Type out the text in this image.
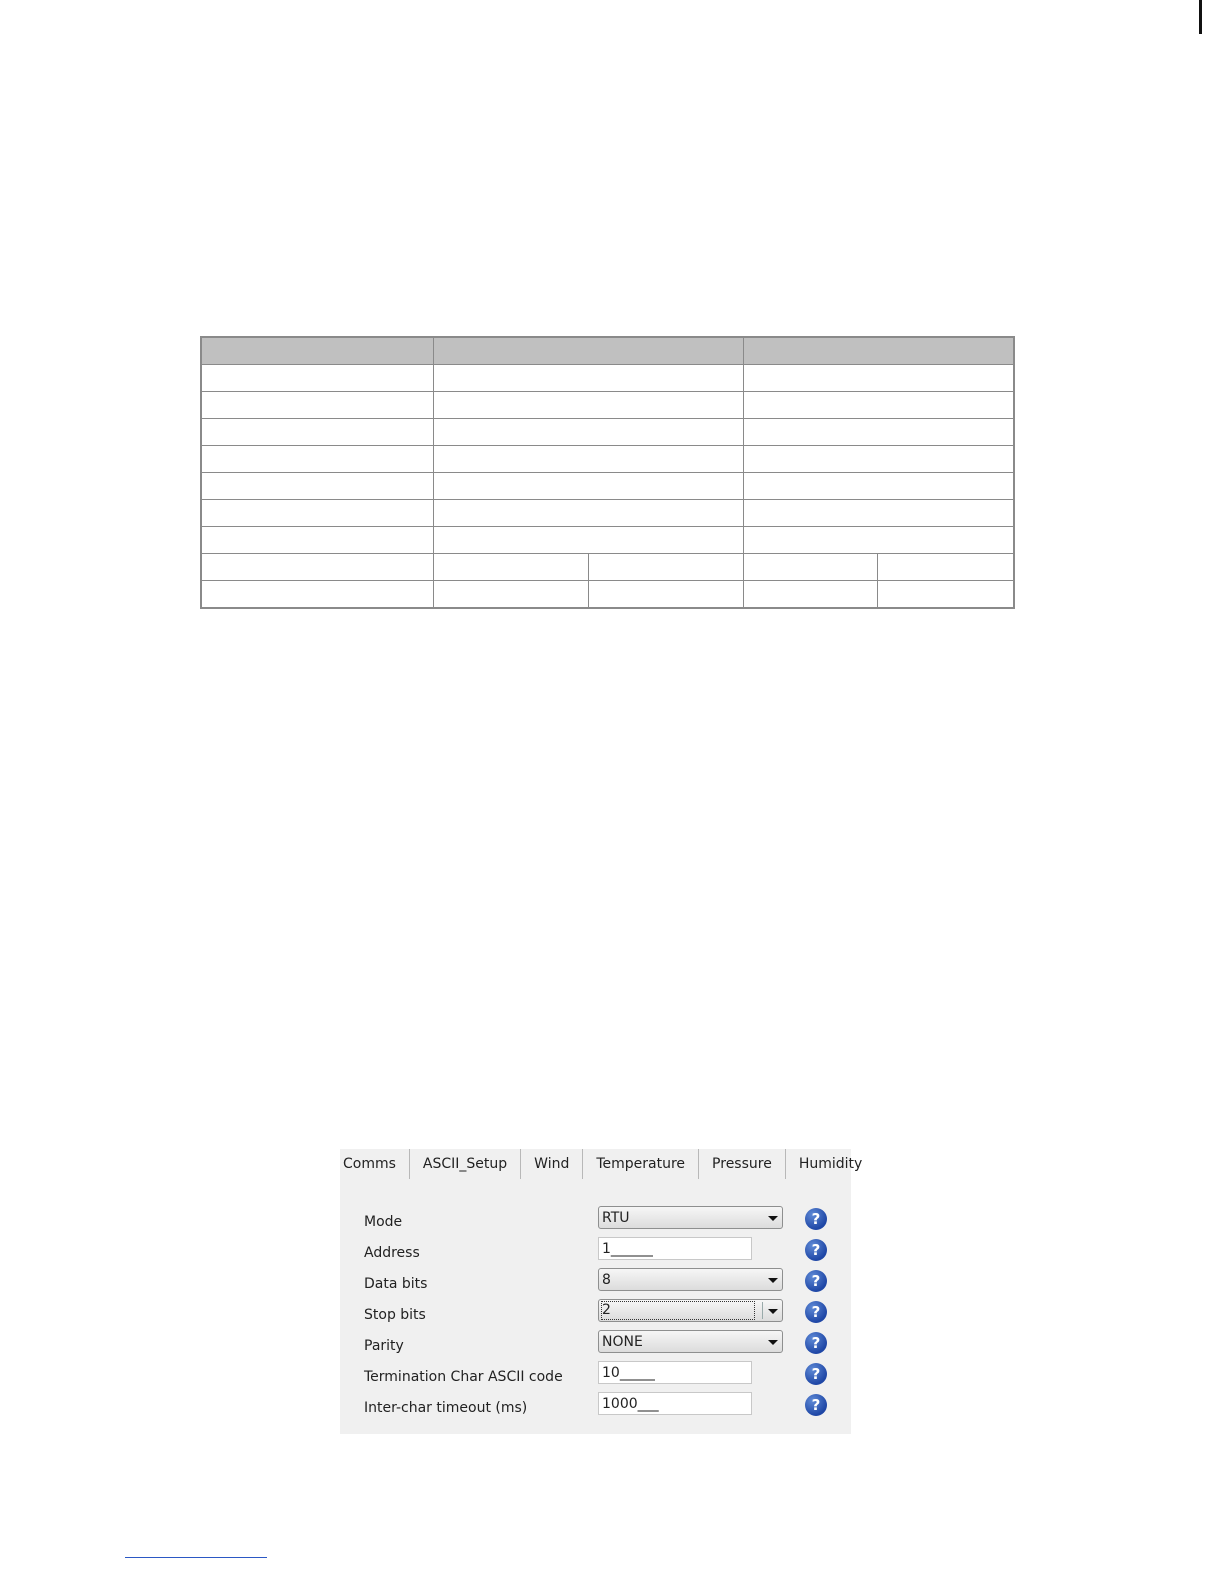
Comms	ASCII_Setup	Wind	Temperature	Pressure	Humidity
Mode	RTU	?
Address	1______	?
Data bits	8	?
Stop bits	2	?
Parity	NONE	?
Termination Char ASCII code	10_____	?
Inter-char timeout (ms)	1000___	?
